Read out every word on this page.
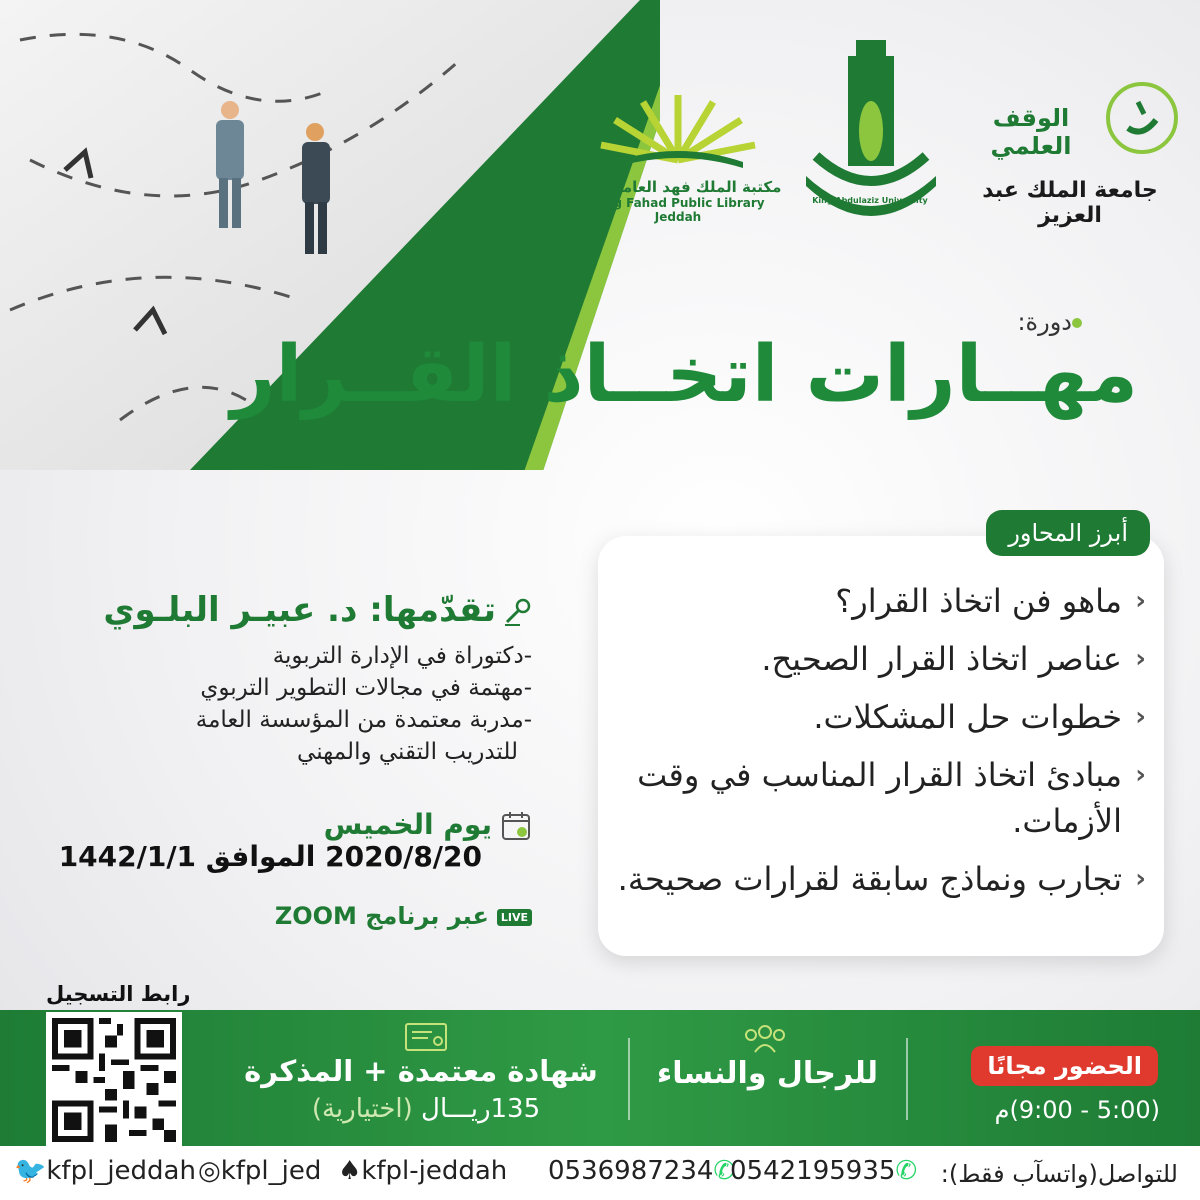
مكتبة الملك فهد العامة بجدة
King Fahad Public Library Jeddah
King Abdulaziz University
الوقف العلمي
جامعة الملك عبد العزيز
دورة:
مهــارات اتخــاذ القــرار
أبرز المحاور
‹
ماهو فن اتخاذ القرار؟
‹
عناصر اتخاذ القرار الصحيح.
‹
خطوات حل المشكلات.
‹
مبادئ اتخاذ القرار المناسب في وقت الأزمات.
‹
تجارب ونماذج سابقة لقرارات صحيحة.
تقدّمها: د. عبيـر البلـوي
-دكتوراة في الإدارة التربوية
-مهتمة في مجالات التطوير التربوي
-مدربة معتمدة من المؤسسة العامة
للتدريب التقني والمهني
يوم الخميس
2020/8/20 الموافق 1442/1/1
LIVEعبر برنامج ZOOM
رابط التسجيل
الحضور مجانًا
(5:00 - 9:00)م
للرجال والنساء
شهادة معتمدة + المذكرة
135ريـــال (اختيارية)
🐦kfpl_jeddah ◎kfpl_jed ♠kfpl-jeddah 0536987234✆
0542195935✆ للتواصل(واتسآب فقط):
